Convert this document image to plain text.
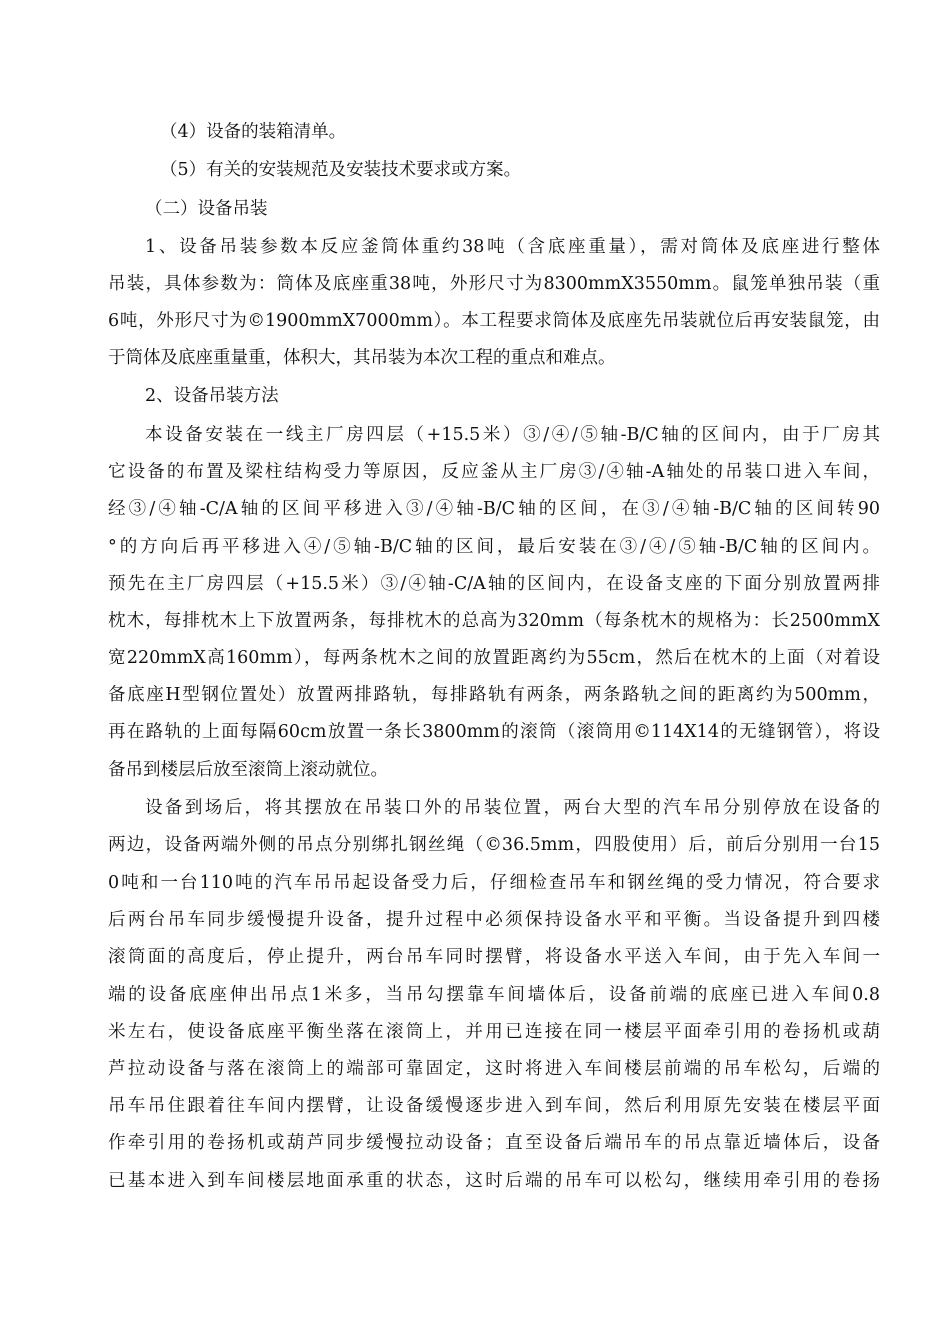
（4）设备的装箱清单。
（5）有关的安装规范及安装技术要求或方案。
（二）设备吊装
1、设备吊装参数本反应釜筒体重约38吨（含底座重量），需对筒体及底座进行整体
吊装，具体参数为：筒体及底座重38吨，外形尺寸为8300mmX3550mm。鼠笼单独吊装（重
6吨，外形尺寸为©1900mmX7000mm）。本工程要求筒体及底座先吊装就位后再安装鼠笼，由
于筒体及底座重量重，体积大，其吊装为本次工程的重点和难点。
2、设备吊装方法
本设备安装在一线主厂房四层（+15.5米）③/④/⑤轴-B/C轴的区间内，由于厂房其
它设备的布置及梁柱结构受力等原因，反应釜从主厂房③/④轴-A轴处的吊装口进入车间，
经③/④轴-C/A轴的区间平移进入③/④轴-B/C轴的区间，在③/④轴-B/C轴的区间转90
°的方向后再平移进入④/⑤轴-B/C轴的区间，最后安装在③/④/⑤轴-B/C轴的区间内。
预先在主厂房四层（+15.5米）③/④轴-C/A轴的区间内，在设备支座的下面分别放置两排
枕木，每排枕木上下放置两条，每排枕木的总高为320mm（每条枕木的规格为：长2500mmX
宽220mmX高160mm），每两条枕木之间的放置距离约为55cm，然后在枕木的上面（对着设
备底座H型钢位置处）放置两排路轨，每排路轨有两条，两条路轨之间的距离约为500mm，
再在路轨的上面每隔60cm放置一条长3800mm的滚筒（滚筒用©114X14的无缝钢管），将设
备吊到楼层后放至滚筒上滚动就位。
设备到场后，将其摆放在吊装口外的吊装位置，两台大型的汽车吊分别停放在设备的
两边，设备两端外侧的吊点分别绑扎钢丝绳（©36.5mm，四股使用）后，前后分别用一台15
0吨和一台110吨的汽车吊吊起设备受力后，仔细检查吊车和钢丝绳的受力情况，符合要求
后两台吊车同步缓慢提升设备，提升过程中必须保持设备水平和平衡。当设备提升到四楼
滚筒面的高度后，停止提升，两台吊车同时摆臂，将设备水平送入车间，由于先入车间一
端的设备底座伸出吊点1米多，当吊勾摆靠车间墙体后，设备前端的底座已进入车间0.8
米左右，使设备底座平衡坐落在滚筒上，并用已连接在同一楼层平面牵引用的卷扬机或葫
芦拉动设备与落在滚筒上的端部可靠固定，这时将进入车间楼层前端的吊车松勾，后端的
吊车吊住跟着往车间内摆臂，让设备缓慢逐步进入到车间，然后利用原先安装在楼层平面
作牵引用的卷扬机或葫芦同步缓慢拉动设备；直至设备后端吊车的吊点靠近墙体后，设备
已基本进入到车间楼层地面承重的状态，这时后端的吊车可以松勾，继续用牵引用的卷扬
